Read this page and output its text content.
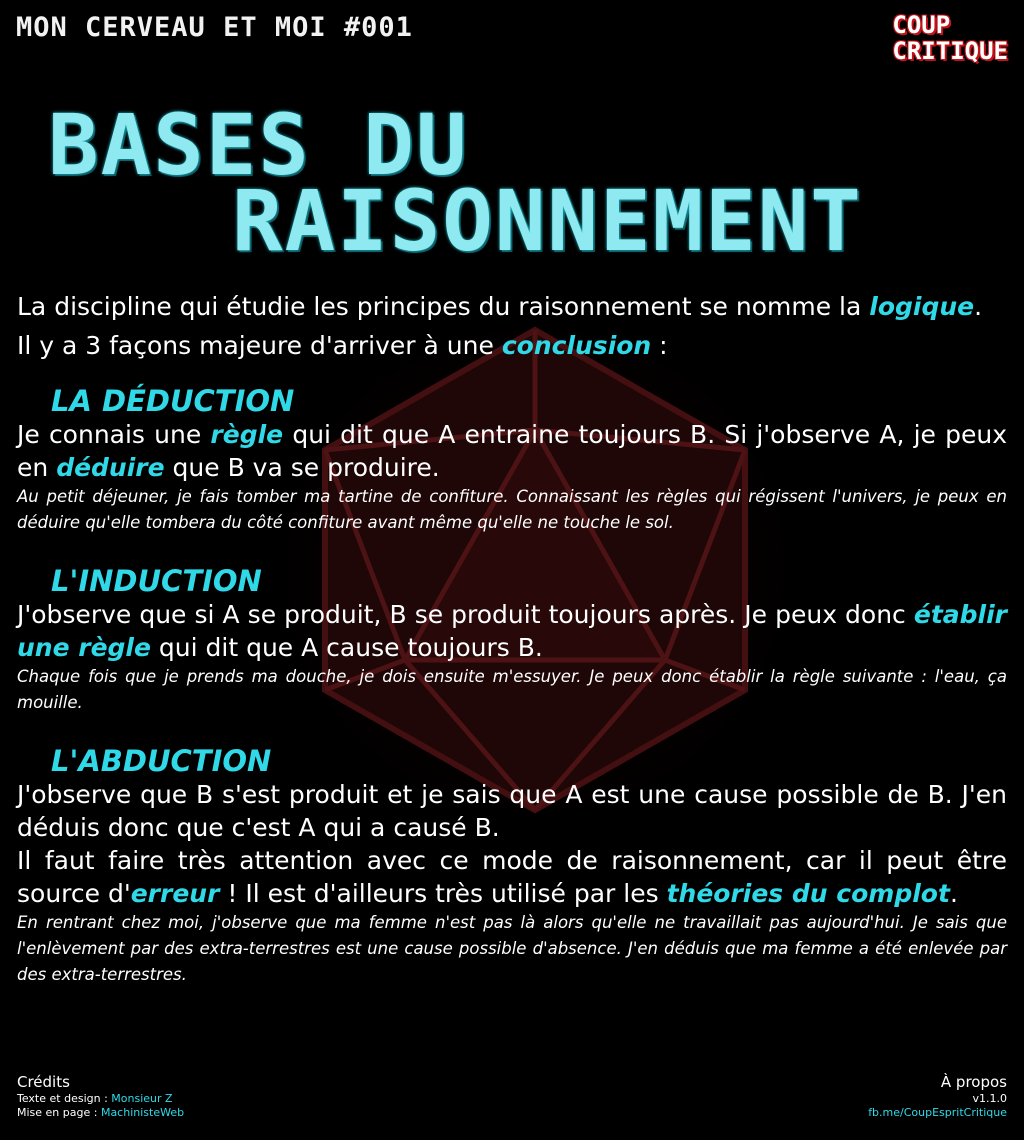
MON CERVEAU ET MOI #001	COUP
CRITIQUE
BASES DU
RAISONNEMENT

La discipline qui étudie les principes du raisonnement se nomme la logique.

Il y a 3 façons majeure d'arriver à une conclusion :

LA DÉDUCTION

Je connais une règle qui dit que A entraine toujours B. Si j'observe A, je peux en déduire que B va se produire.

Au petit déjeuner, je fais tomber ma tartine de confiture. Connaissant les règles qui régissent l'univers, je peux en déduire qu'elle tombera du côté confiture avant même qu'elle ne touche le sol.

L'INDUCTION

J'observe que si A se produit, B se produit toujours après. Je peux donc établir une règle qui dit que A cause toujours B.

Chaque fois que je prends ma douche, je dois ensuite m'essuyer. Je peux donc établir la règle suivante : l'eau, ça mouille.

L'ABDUCTION

J'observe que B s'est produit et je sais que A est une cause possible de B. J'en déduis donc que c'est A qui a causé B.

Il faut faire très attention avec ce mode de raisonnement, car il peut être source d'erreur ! Il est d'ailleurs très utilisé par les théories du complot.

En rentrant chez moi, j'observe que ma femme n'est pas là alors qu'elle ne travaillait pas aujourd'hui. Je sais que l'enlèvement par des extra-terrestres est une cause possible d'absence. J'en déduis que ma femme a été enlevée par des extra-terrestres.

Crédits
Texte et design : Monsieur Z
Mise en page : MachinisteWeb
À propos
v1.1.0
fb.me/CoupEspritCritique
